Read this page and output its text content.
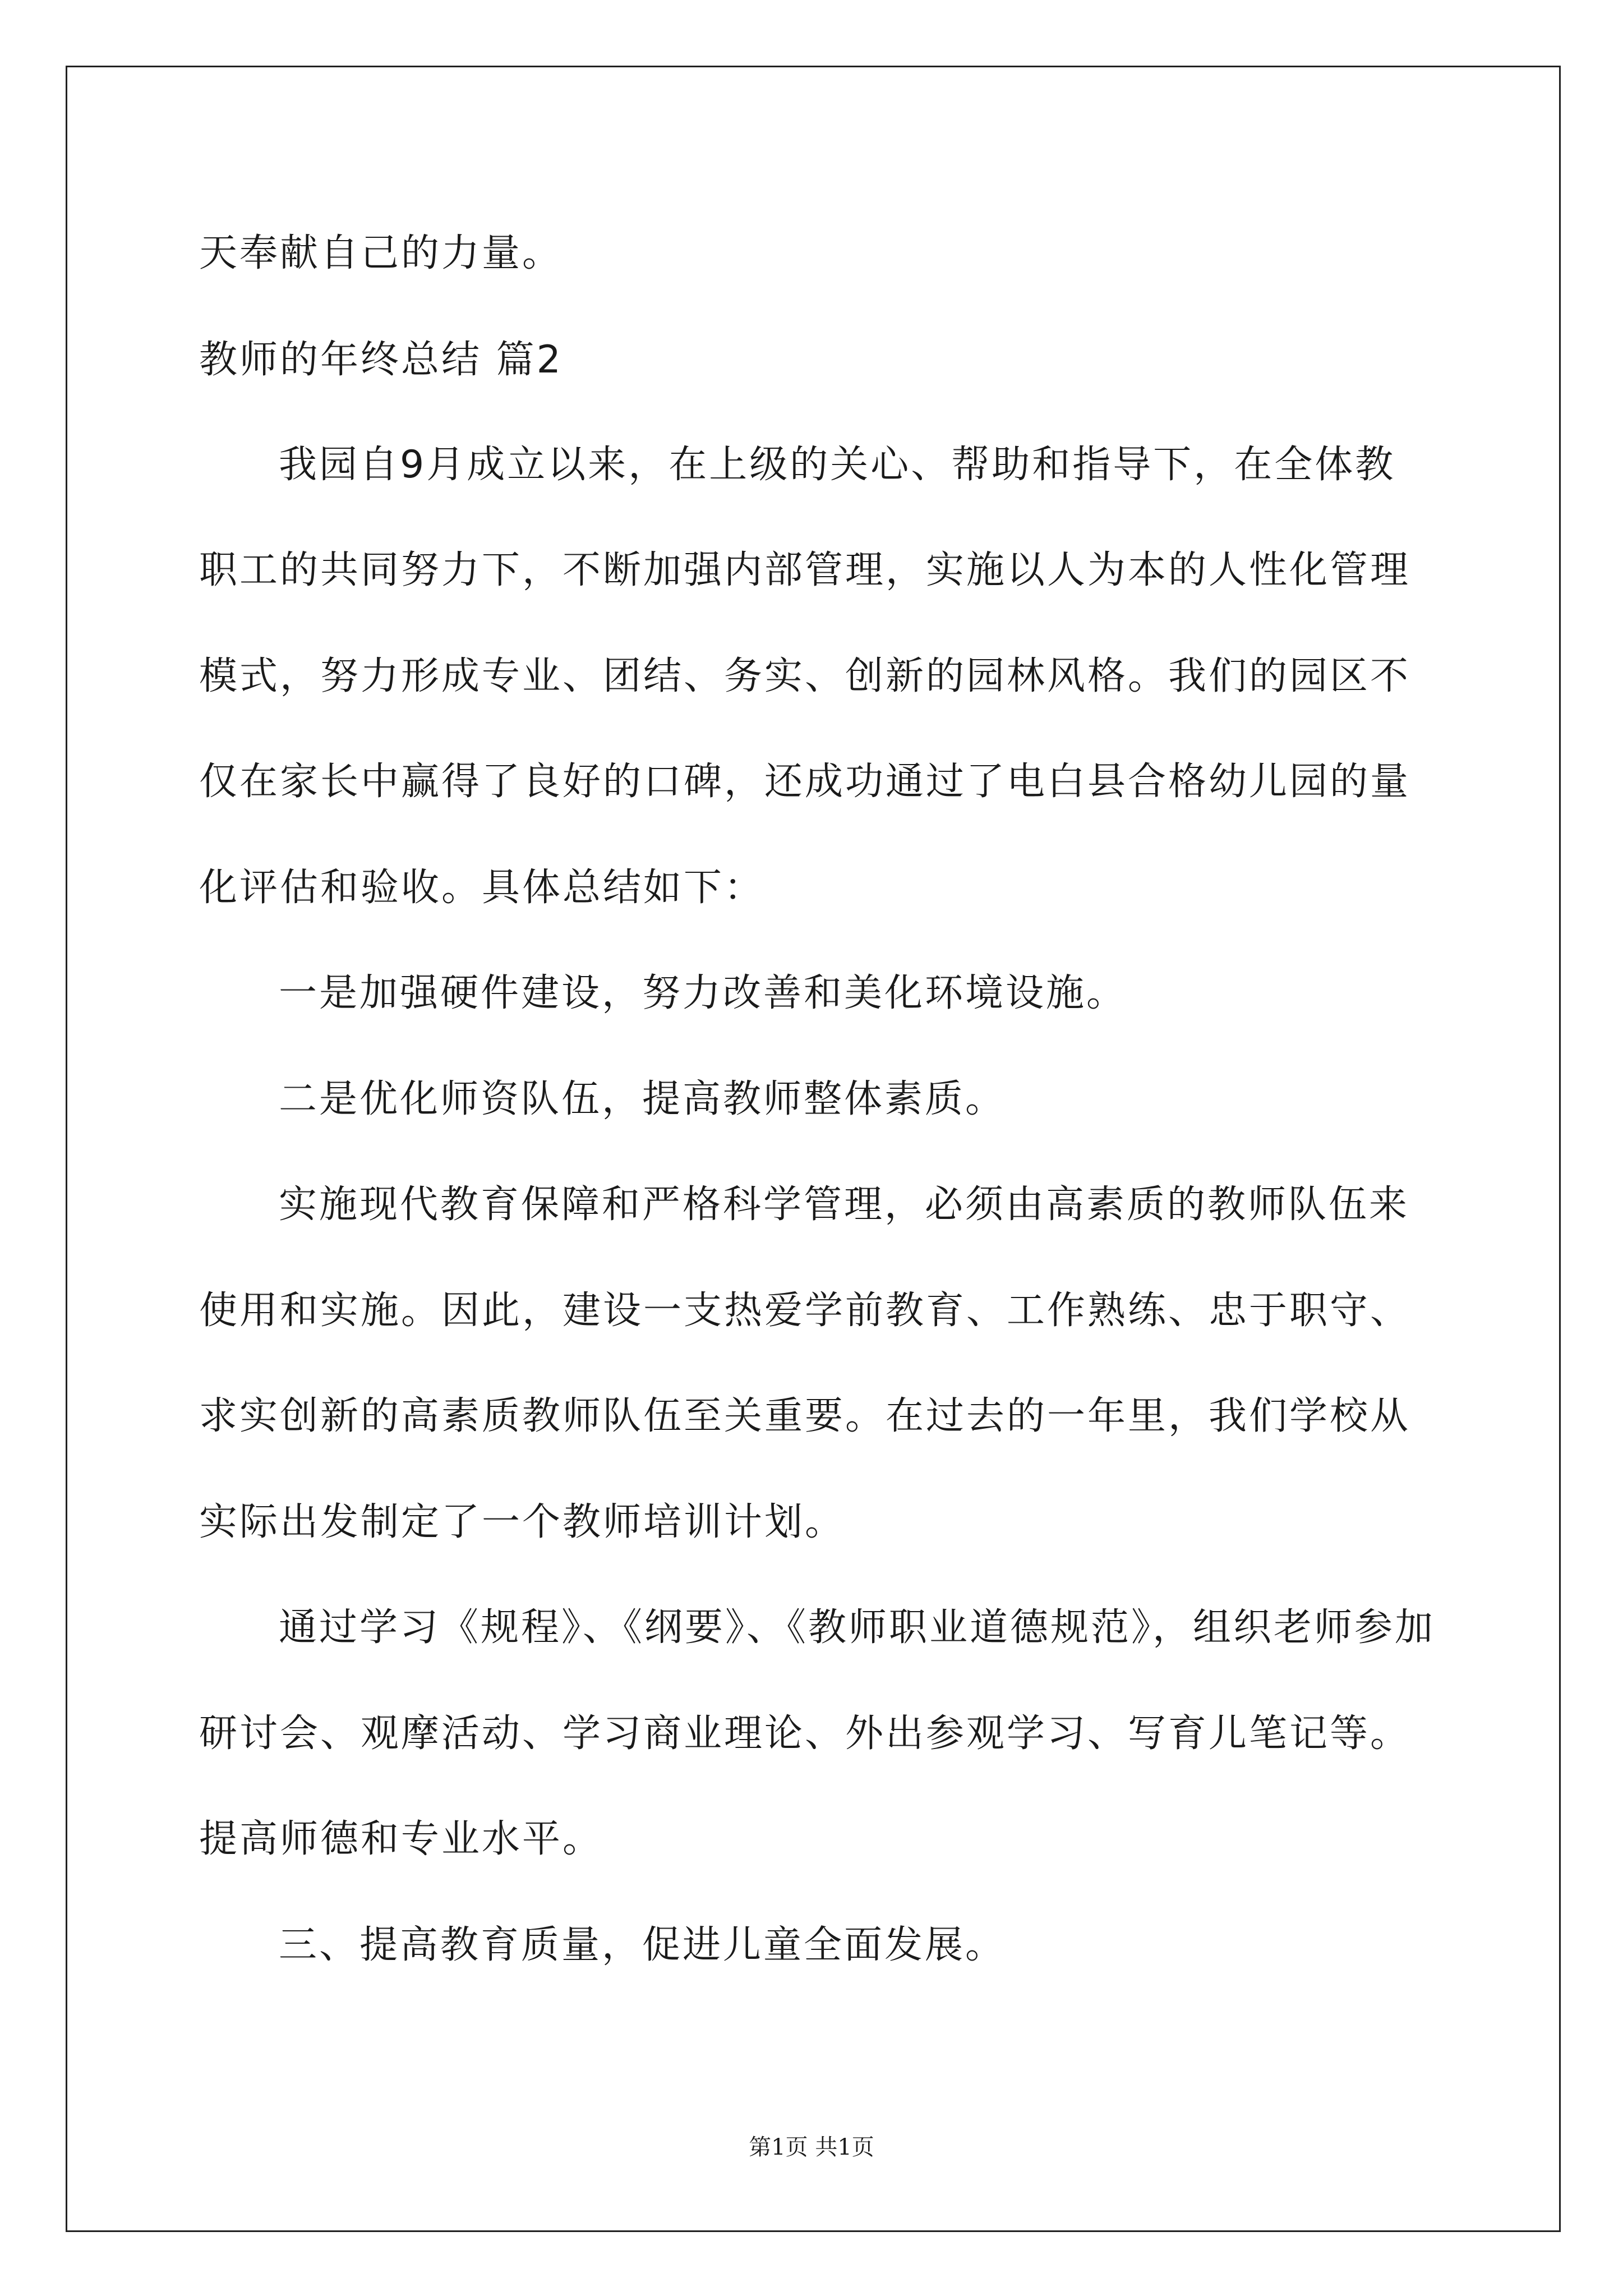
天奉献自己的力量。
教师的年终总结 篇2
我园自9月成立以来，在上级的关心、帮助和指导下，在全体教
职工的共同努力下，不断加强内部管理，实施以人为本的人性化管理
模式，努力形成专业、团结、务实、创新的园林风格。我们的园区不
仅在家长中赢得了良好的口碑，还成功通过了电白县合格幼儿园的量
化评估和验收。具体总结如下：
一是加强硬件建设，努力改善和美化环境设施。
二是优化师资队伍，提高教师整体素质。
实施现代教育保障和严格科学管理，必须由高素质的教师队伍来
使用和实施。因此，建设一支热爱学前教育、工作熟练、忠于职守、
求实创新的高素质教师队伍至关重要。在过去的一年里，我们学校从
实际出发制定了一个教师培训计划。
通过学习《规程》、《纲要》、《教师职业道德规范》，组织老师参加
研讨会、观摩活动、学习商业理论、外出参观学习、写育儿笔记等。
提高师德和专业水平。
三、提高教育质量，促进儿童全面发展。
第1页 共1页
